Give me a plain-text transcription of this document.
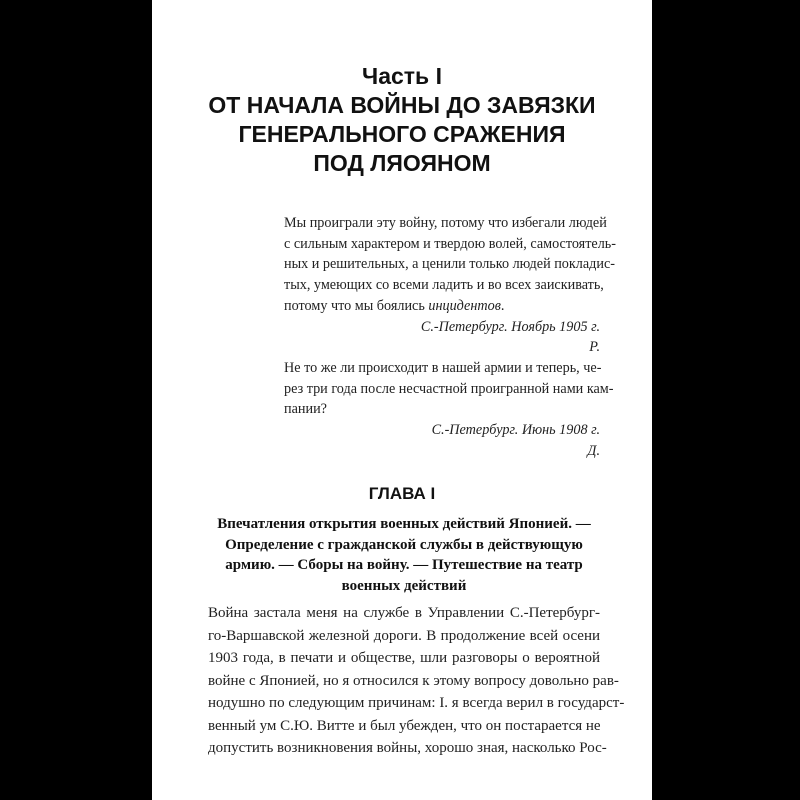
Часть I
ОТ НАЧАЛА ВОЙНЫ ДО ЗАВЯЗКИ
ГЕНЕРАЛЬНОГО СРАЖЕНИЯ
ПОД ЛЯОЯНОМ
Мы проиграли эту войну, потому что избегали людей
с сильным характером и твердою волей, самостоятель-
ных и решительных, а ценили только людей покладис-
тых, умеющих со всеми ладить и во всех заискивать,
потому что мы боялись инцидентов.
С.-Петербург. Ноябрь 1905 г.
Р.
Не то же ли происходит в нашей армии и теперь, че-
рез три года после несчастной проигранной нами кам-
пании?
С.-Петербург. Июнь 1908 г.
Д.
ГЛАВА I
Впечатления открытия военных действий Японией. —
Определение с гражданской службы в действующую
армию. — Сборы на войну. — Путешествие на театр
военных действий
Война застала меня на службе в Управлении С.-Петербург-
го-Варшавской железной дороги. В продолжение всей осени
1903 года, в печати и обществе, шли разговоры о вероятной
войне с Японией, но я относился к этому вопросу довольно рав-
нодушно по следующим причинам: I. я всегда верил в государст-
венный ум С.Ю. Витте и был убежден, что он постарается не
допустить возникновения войны, хорошо зная, насколько Рос-
